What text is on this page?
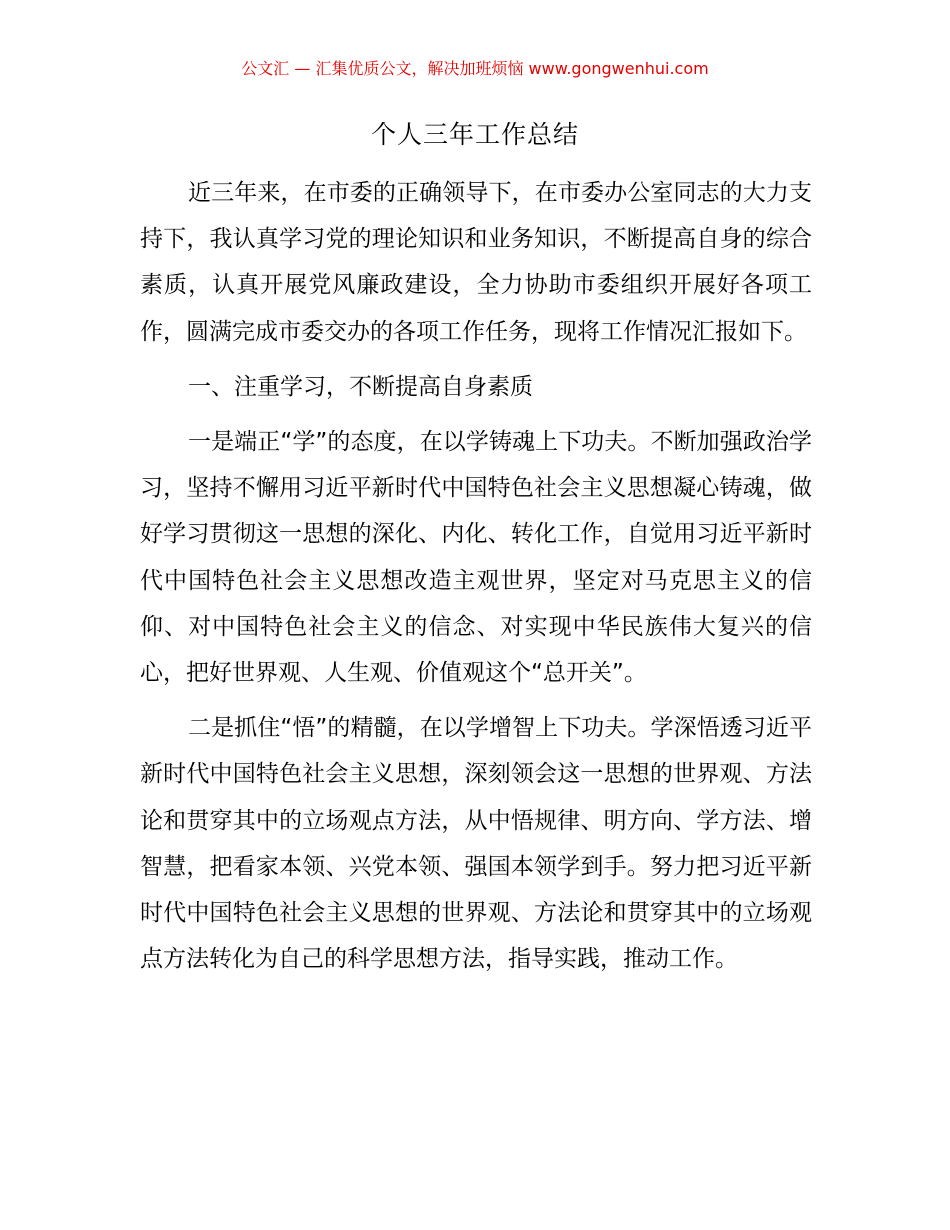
公文汇 — 汇集优质公文，解决加班烦恼 www.gongwenhui.com
个人三年工作总结

近三年来，在市委的正确领导下，在市委办公室同志的大力支持下，我认真学习党的理论知识和业务知识，不断提高自身的综合素质，认真开展党风廉政建设，全力协助市委组织开展好各项工作，圆满完成市委交办的各项工作任务，现将工作情况汇报如下。

一、注重学习，不断提高自身素质

一是端正“学”的态度，在以学铸魂上下功夫。不断加强政治学习，坚持不懈用习近平新时代中国特色社会主义思想凝心铸魂，做好学习贯彻这一思想的深化、内化、转化工作，自觉用习近平新时代中国特色社会主义思想改造主观世界，坚定对马克思主义的信仰、对中国特色社会主义的信念、对实现中华民族伟大复兴的信心，把好世界观、人生观、价值观这个“总开关”。

二是抓住“悟”的精髓，在以学增智上下功夫。学深悟透习近平新时代中国特色社会主义思想，深刻领会这一思想的世界观、方法论和贯穿其中的立场观点方法，从中悟规律、明方向、学方法、增智慧，把看家本领、兴党本领、强国本领学到手。努力把习近平新时代中国特色社会主义思想的世界观、方法论和贯穿其中的立场观点方法转化为自己的科学思想方法，指导实践，推动工作。
